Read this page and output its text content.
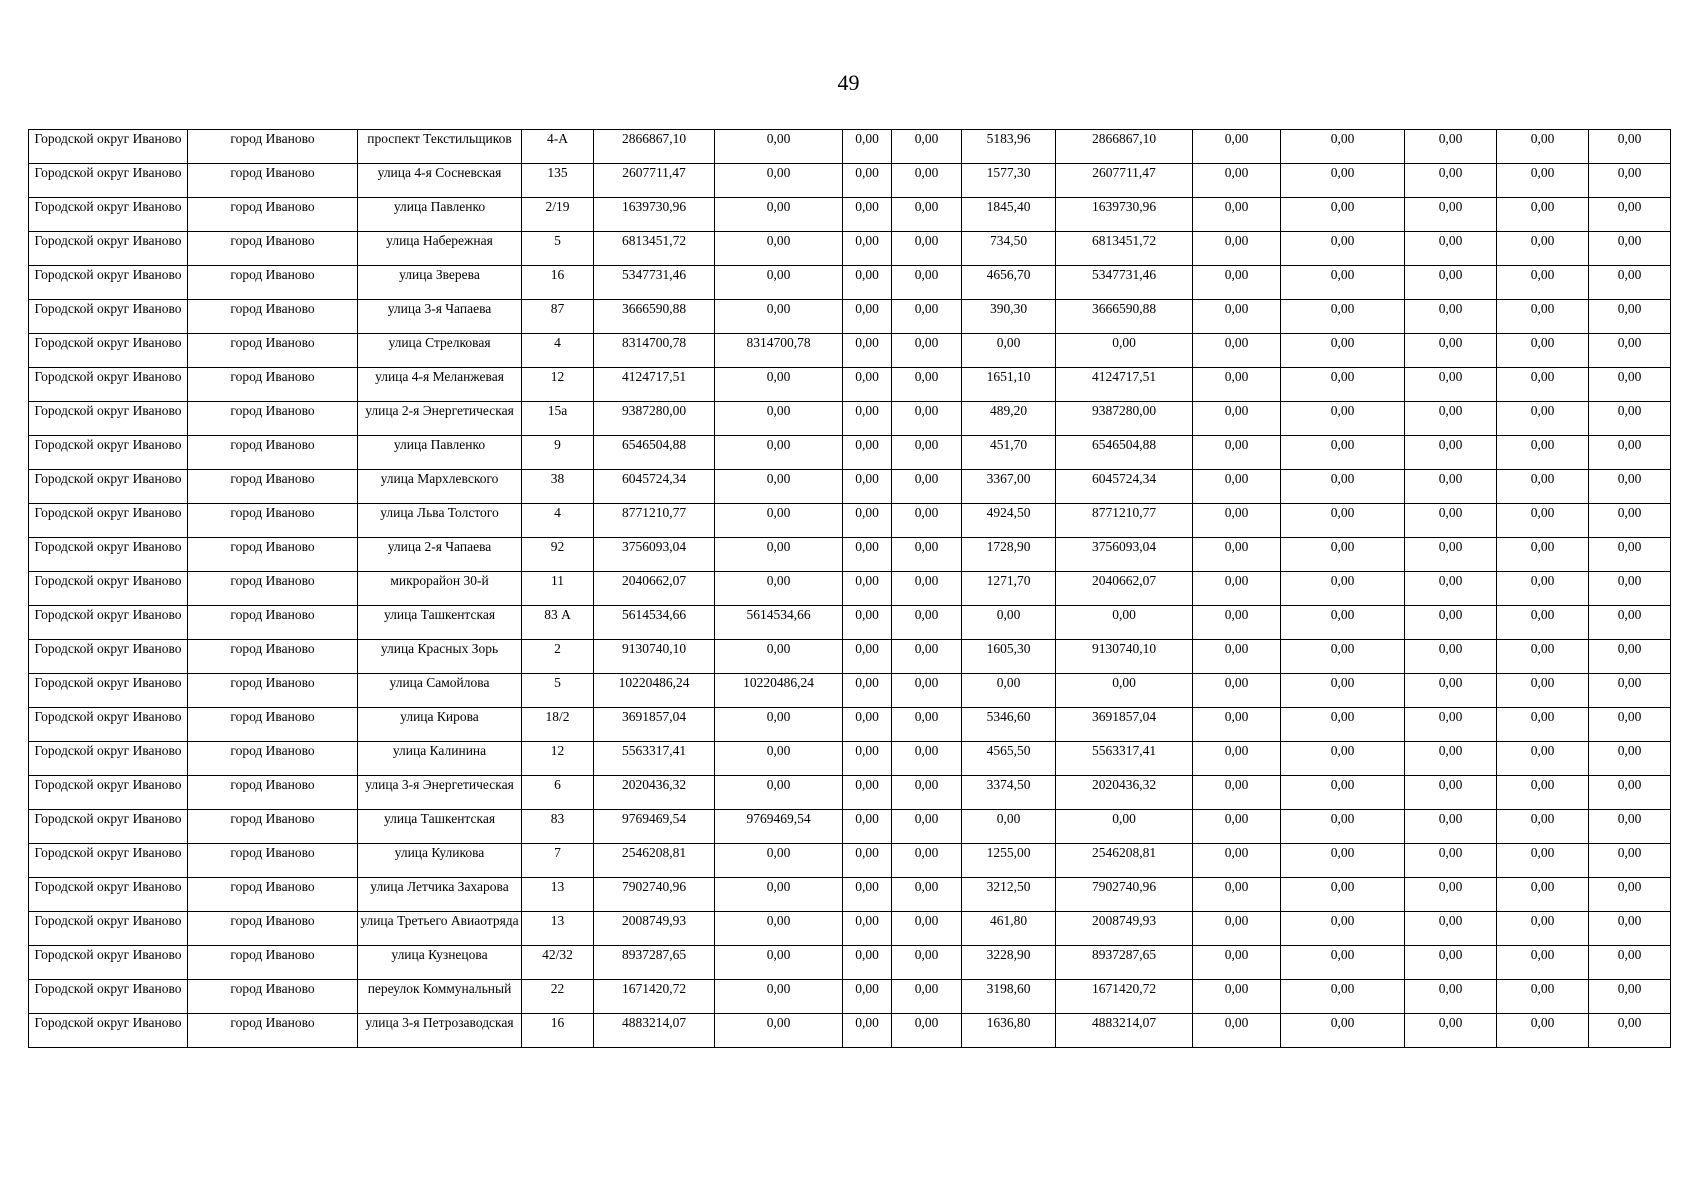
49
Городской округ Иваново	город Иваново	проспект Текстильщиков	4-А	2866867,10	0,00	0,00	0,00	5183,96	2866867,10	0,00	0,00	0,00	0,00	0,00
Городской округ Иваново	город Иваново	улица 4-я Сосневская	135	2607711,47	0,00	0,00	0,00	1577,30	2607711,47	0,00	0,00	0,00	0,00	0,00
Городской округ Иваново	город Иваново	улица Павленко	2/19	1639730,96	0,00	0,00	0,00	1845,40	1639730,96	0,00	0,00	0,00	0,00	0,00
Городской округ Иваново	город Иваново	улица Набережная	5	6813451,72	0,00	0,00	0,00	734,50	6813451,72	0,00	0,00	0,00	0,00	0,00
Городской округ Иваново	город Иваново	улица Зверева	16	5347731,46	0,00	0,00	0,00	4656,70	5347731,46	0,00	0,00	0,00	0,00	0,00
Городской округ Иваново	город Иваново	улица 3-я Чапаева	87	3666590,88	0,00	0,00	0,00	390,30	3666590,88	0,00	0,00	0,00	0,00	0,00
Городской округ Иваново	город Иваново	улица Стрелковая	4	8314700,78	8314700,78	0,00	0,00	0,00	0,00	0,00	0,00	0,00	0,00	0,00
Городской округ Иваново	город Иваново	улица 4-я Меланжевая	12	4124717,51	0,00	0,00	0,00	1651,10	4124717,51	0,00	0,00	0,00	0,00	0,00
Городской округ Иваново	город Иваново	улица 2-я Энергетическая	15а	9387280,00	0,00	0,00	0,00	489,20	9387280,00	0,00	0,00	0,00	0,00	0,00
Городской округ Иваново	город Иваново	улица Павленко	9	6546504,88	0,00	0,00	0,00	451,70	6546504,88	0,00	0,00	0,00	0,00	0,00
Городской округ Иваново	город Иваново	улица Мархлевского	38	6045724,34	0,00	0,00	0,00	3367,00	6045724,34	0,00	0,00	0,00	0,00	0,00
Городской округ Иваново	город Иваново	улица Льва Толстого	4	8771210,77	0,00	0,00	0,00	4924,50	8771210,77	0,00	0,00	0,00	0,00	0,00
Городской округ Иваново	город Иваново	улица 2-я Чапаева	92	3756093,04	0,00	0,00	0,00	1728,90	3756093,04	0,00	0,00	0,00	0,00	0,00
Городской округ Иваново	город Иваново	микрорайон 30-й	11	2040662,07	0,00	0,00	0,00	1271,70	2040662,07	0,00	0,00	0,00	0,00	0,00
Городской округ Иваново	город Иваново	улица Ташкентская	83 А	5614534,66	5614534,66	0,00	0,00	0,00	0,00	0,00	0,00	0,00	0,00	0,00
Городской округ Иваново	город Иваново	улица Красных Зорь	2	9130740,10	0,00	0,00	0,00	1605,30	9130740,10	0,00	0,00	0,00	0,00	0,00
Городской округ Иваново	город Иваново	улица Самойлова	5	10220486,24	10220486,24	0,00	0,00	0,00	0,00	0,00	0,00	0,00	0,00	0,00
Городской округ Иваново	город Иваново	улица Кирова	18/2	3691857,04	0,00	0,00	0,00	5346,60	3691857,04	0,00	0,00	0,00	0,00	0,00
Городской округ Иваново	город Иваново	улица Калинина	12	5563317,41	0,00	0,00	0,00	4565,50	5563317,41	0,00	0,00	0,00	0,00	0,00
Городской округ Иваново	город Иваново	улица 3-я Энергетическая	6	2020436,32	0,00	0,00	0,00	3374,50	2020436,32	0,00	0,00	0,00	0,00	0,00
Городской округ Иваново	город Иваново	улица Ташкентская	83	9769469,54	9769469,54	0,00	0,00	0,00	0,00	0,00	0,00	0,00	0,00	0,00
Городской округ Иваново	город Иваново	улица Куликова	7	2546208,81	0,00	0,00	0,00	1255,00	2546208,81	0,00	0,00	0,00	0,00	0,00
Городской округ Иваново	город Иваново	улица Летчика Захарова	13	7902740,96	0,00	0,00	0,00	3212,50	7902740,96	0,00	0,00	0,00	0,00	0,00
Городской округ Иваново	город Иваново	улица Третьего Авиаотряда	13	2008749,93	0,00	0,00	0,00	461,80	2008749,93	0,00	0,00	0,00	0,00	0,00
Городской округ Иваново	город Иваново	улица Кузнецова	42/32	8937287,65	0,00	0,00	0,00	3228,90	8937287,65	0,00	0,00	0,00	0,00	0,00
Городской округ Иваново	город Иваново	переулок Коммунальный	22	1671420,72	0,00	0,00	0,00	3198,60	1671420,72	0,00	0,00	0,00	0,00	0,00
Городской округ Иваново	город Иваново	улица 3-я Петрозаводская	16	4883214,07	0,00	0,00	0,00	1636,80	4883214,07	0,00	0,00	0,00	0,00	0,00
